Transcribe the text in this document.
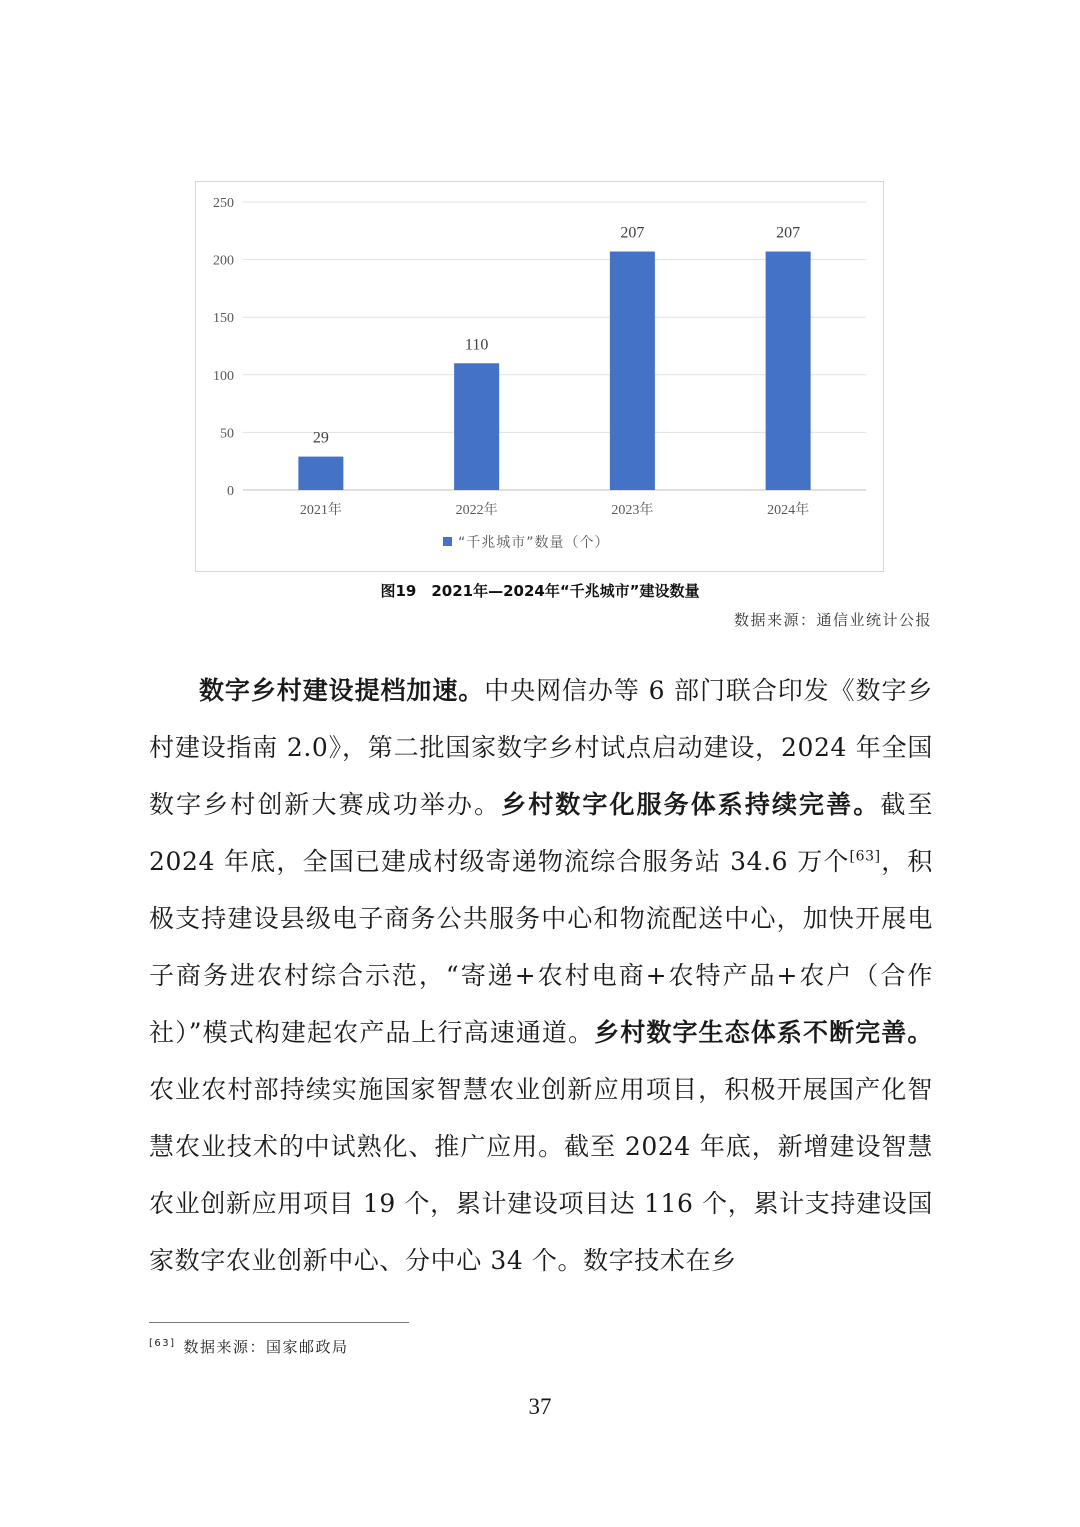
0
50
100
150
200
250
29
2021年
110
2022年
207
2023年
207
2024年
“千兆城市”数量（个）
图19　2021年—2024年“千兆城市”建设数量
数据来源：通信业统计公报

数字乡村建设提档加速。中央网信办等 6 部门联合印发《数字乡村建设指南 2.0》，第二批国家数字乡村试点启动建设，2024 年全国数字乡村创新大赛成功举办。乡村数字化服务体系持续完善。截至 2024 年底，全国已建成村级寄递物流综合服务站 34.6 万个[63]，积极支持建设县级电子商务公共服务中心和物流配送中心，加快开展电子商务进农村综合示范，“寄递+农村电商+农特产品+农户（合作社）”模式构建起农产品上行高速通道。乡村数字生态体系不断完善。农业农村部持续实施国家智慧农业创新应用项目，积极开展国产化智慧农业技术的中试熟化、推广应用。截至 2024 年底，新增建设智慧农业创新应用项目 19 个，累计建设项目达 116 个，累计支持建设国家数字农业创新中心、分中心 34 个。数字技术在乡

[63] 数据来源：国家邮政局
37
